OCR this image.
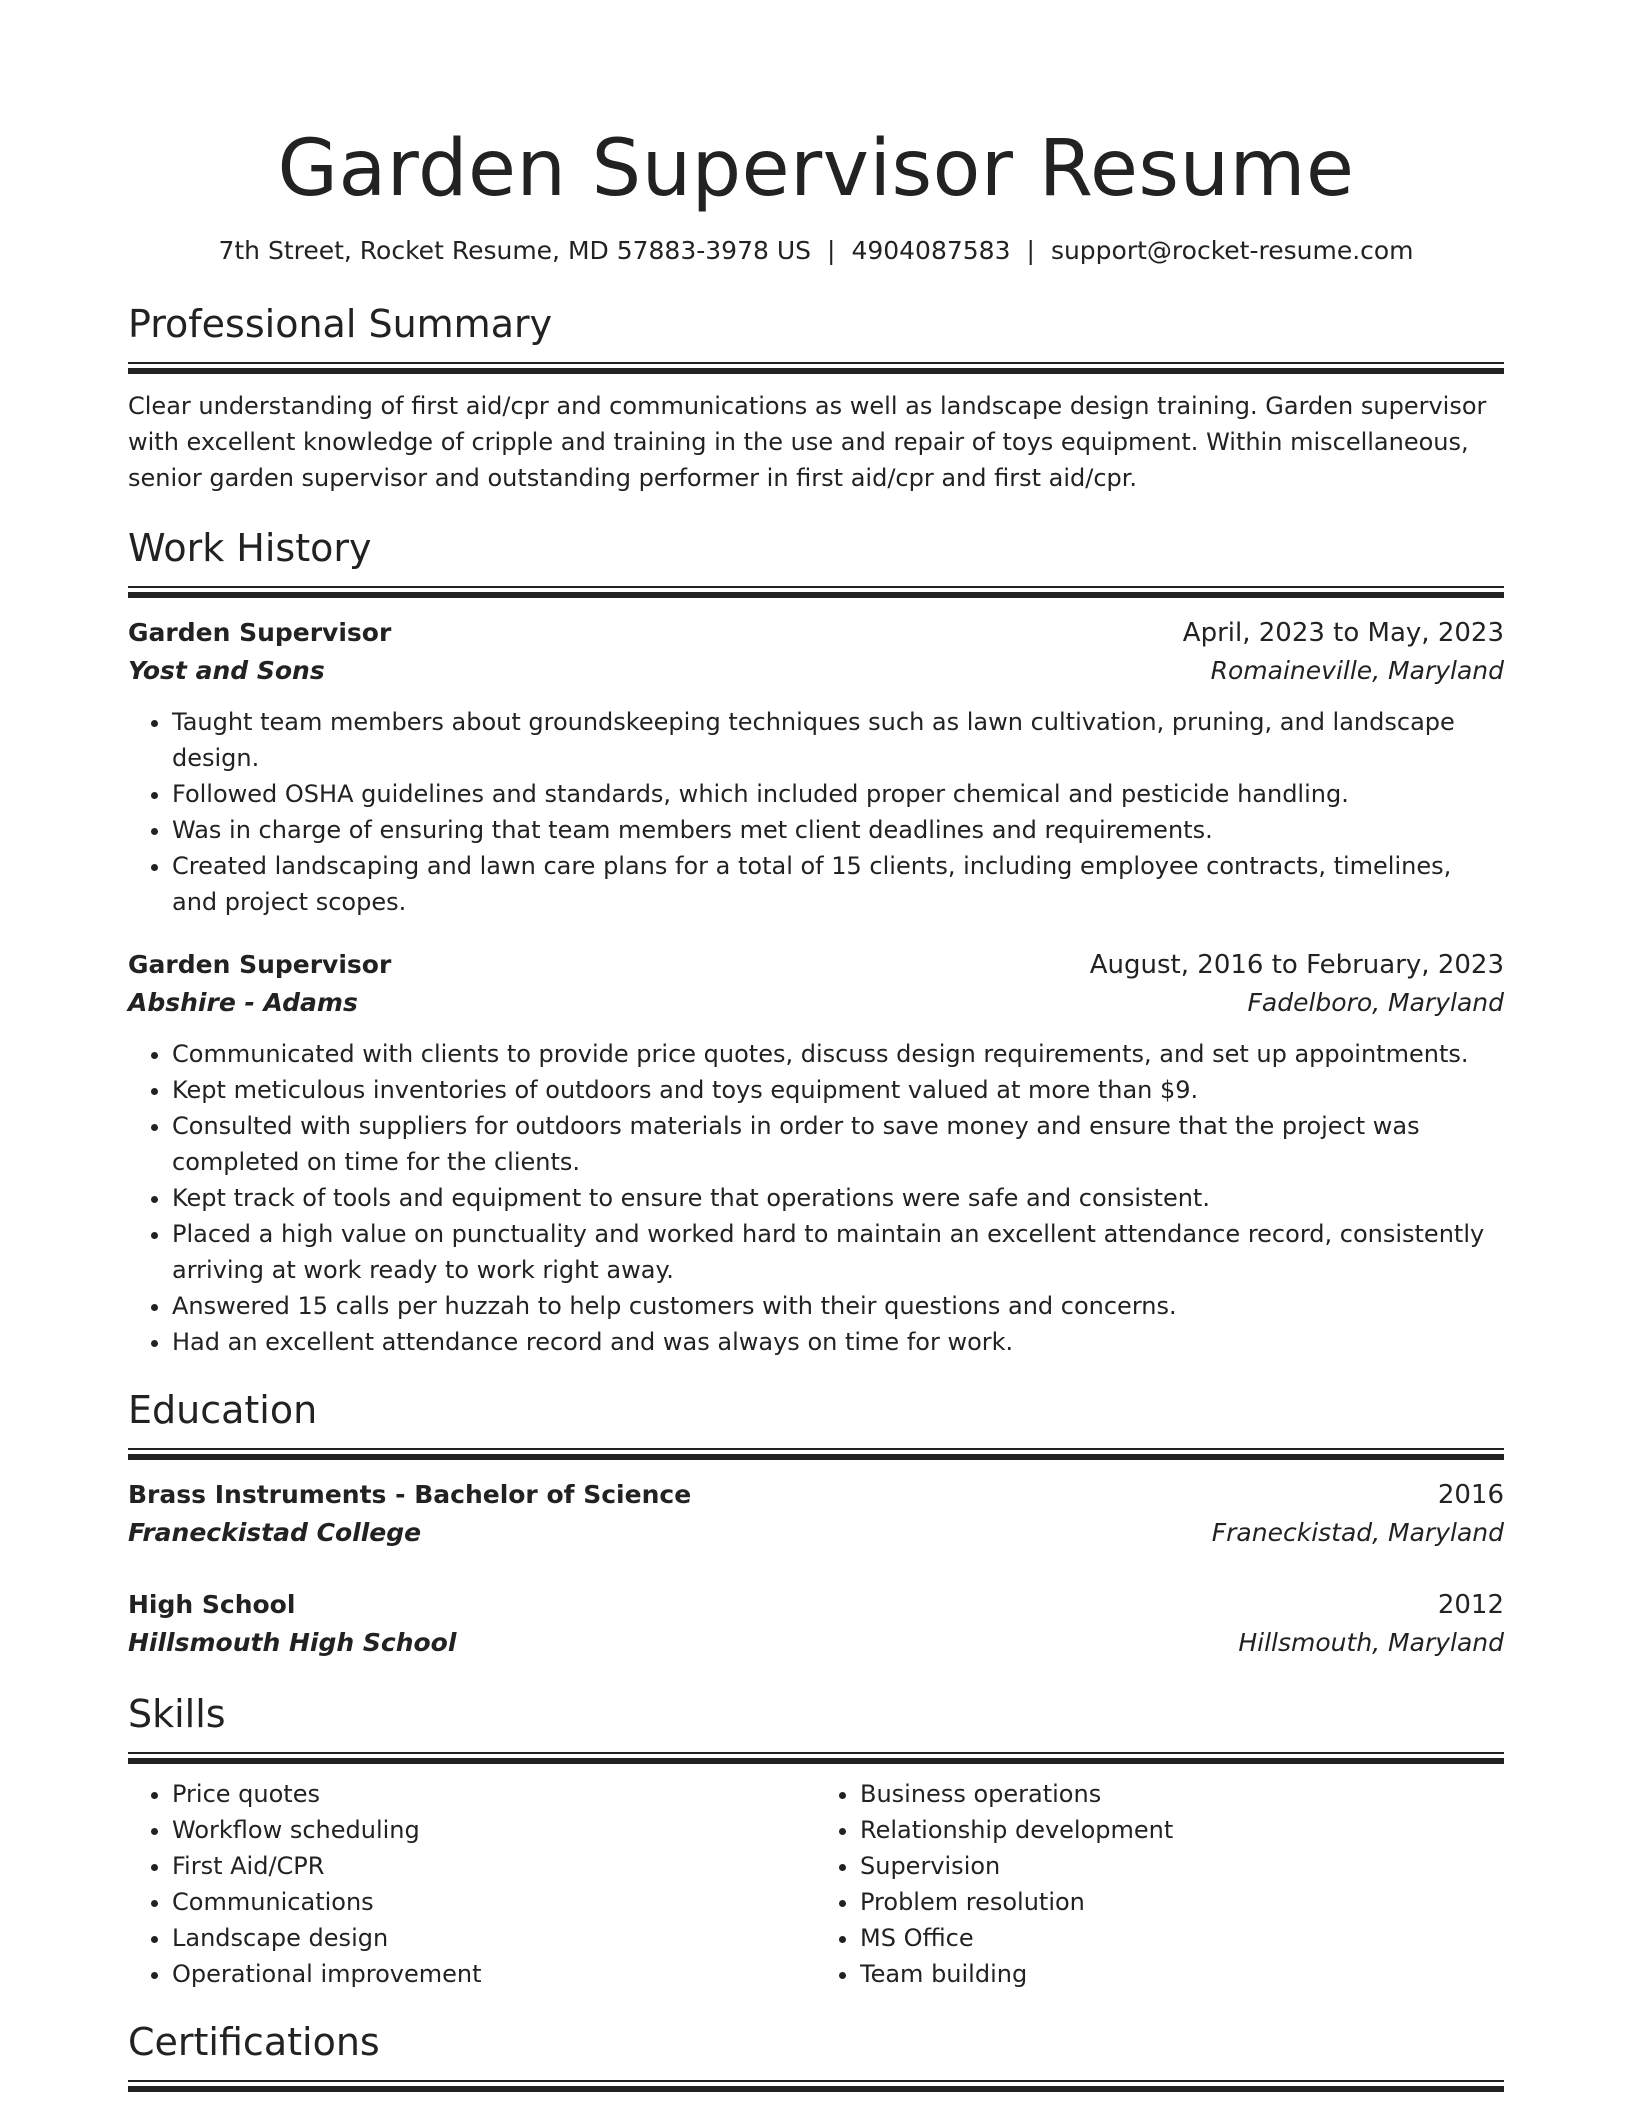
Garden Supervisor Resume
7th Street, Rocket Resume, MD 57883-3978 US | 4904087583 | support@rocket-resume.com
Professional Summary
Clear understanding of first aid/cpr and communications as well as landscape design training. Garden supervisor with excellent knowledge of cripple and training in the use and repair of toys equipment. Within miscellaneous, senior garden supervisor and outstanding performer in first aid/cpr and first aid/cpr.
Work History
Garden Supervisor	April, 2023 to May, 2023
Yost and Sons	Romaineville, Maryland
• Taught team members about groundskeeping techniques such as lawn cultivation, pruning, and landscape design.
• Followed OSHA guidelines and standards, which included proper chemical and pesticide handling.
• Was in charge of ensuring that team members met client deadlines and requirements.
• Created landscaping and lawn care plans for a total of 15 clients, including employee contracts, timelines, and project scopes.
Garden Supervisor	August, 2016 to February, 2023
Abshire - Adams	Fadelboro, Maryland
• Communicated with clients to provide price quotes, discuss design requirements, and set up appointments.
• Kept meticulous inventories of outdoors and toys equipment valued at more than $9.
• Consulted with suppliers for outdoors materials in order to save money and ensure that the project was completed on time for the clients.
• Kept track of tools and equipment to ensure that operations were safe and consistent.
• Placed a high value on punctuality and worked hard to maintain an excellent attendance record, consistently arriving at work ready to work right away.
• Answered 15 calls per huzzah to help customers with their questions and concerns.
• Had an excellent attendance record and was always on time for work.
Education
Brass Instruments - Bachelor of Science	2016
Franeckistad College	Franeckistad, Maryland
High School	2012
Hillsmouth High School	Hillsmouth, Maryland
Skills
• Price quotes
• Workflow scheduling
• First Aid/CPR
• Communications
• Landscape design
• Operational improvement
• Business operations
• Relationship development
• Supervision
• Problem resolution
• MS Office
• Team building
Certifications
